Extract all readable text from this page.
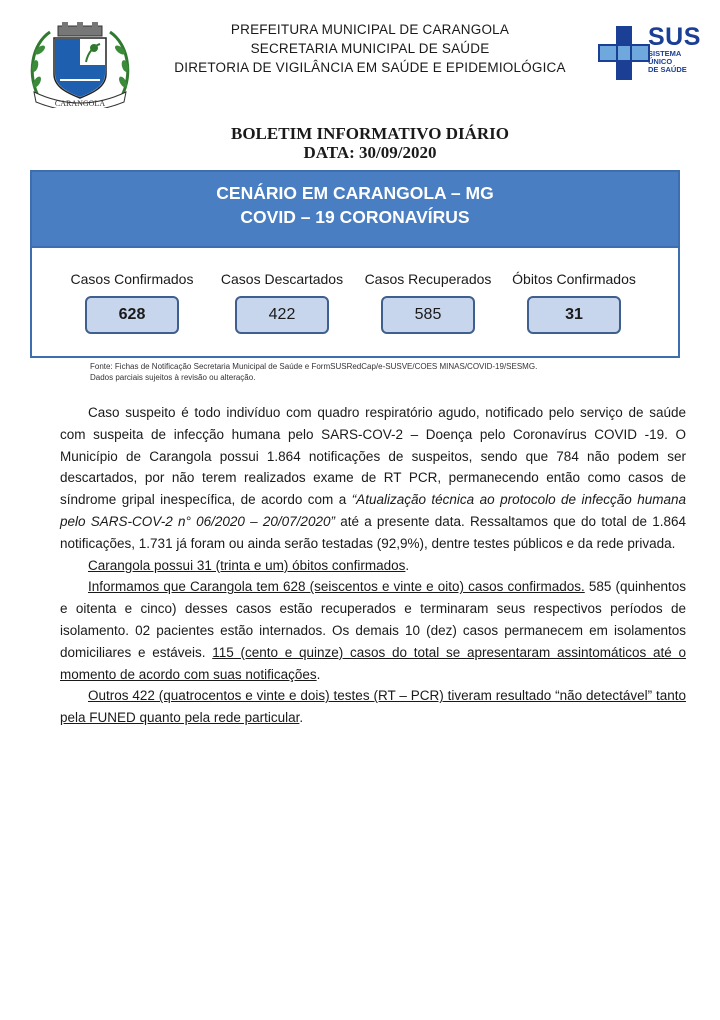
CARANGOLA
PREFEITURA MUNICIPAL DE CARANGOLA
SECRETARIA MUNICIPAL DE SAÚDE
DIRETORIA DE VIGILÂNCIA EM SAÚDE E EPIDEMIOLÓGICA
SUS
SISTEMA
ÚNICO
DE SAÚDE
BOLETIM INFORMATIVO DIÁRIO
DATA: 30/09/2020
CENÁRIO EM CARANGOLA – MG
COVID – 19 CORONAVÍRUS
Casos Confirmados
628
Casos Descartados
422
Casos Recuperados
585
Óbitos Confirmados
31
Fonte: Fichas de Notificação Secretaria Municipal de Saúde e FormSUSRedCap/e-SUSVE/COES MINAS/COVID-19/SESMG.
Dados parciais sujeitos à revisão ou alteração.

Caso suspeito é todo indivíduo com quadro respiratório agudo, notificado pelo serviço de saúde com suspeita de infecção humana pelo SARS-COV-2 – Doença pelo Coronavírus COVID -19. O Município de Carangola possui 1.864 notificações de suspeitos, sendo que 784 não podem ser descartados, por não terem realizados exame de RT PCR, permanecendo então como casos de síndrome gripal inespecífica, de acordo com a “Atualização técnica ao protocolo de infecção humana pelo SARS-COV-2 n° 06/2020 – 20/07/2020” até a presente data. Ressaltamos que do total de 1.864 notificações, 1.731 já foram ou ainda serão testadas (92,9%), dentre testes públicos e da rede privada.

Carangola possui 31 (trinta e um) óbitos confirmados.

Informamos que Carangola tem 628 (seiscentos e vinte e oito) casos confirmados. 585 (quinhentos e oitenta e cinco) desses casos estão recuperados e terminaram seus respectivos períodos de isolamento. 02 pacientes estão internados. Os demais 10 (dez) casos permanecem em isolamentos domiciliares e estáveis. 115 (cento e quinze) casos do total se apresentaram assintomáticos até o momento de acordo com suas notificações.

Outros 422 (quatrocentos e vinte e dois) testes (RT – PCR) tiveram resultado “não detectável” tanto pela FUNED quanto pela rede particular.
